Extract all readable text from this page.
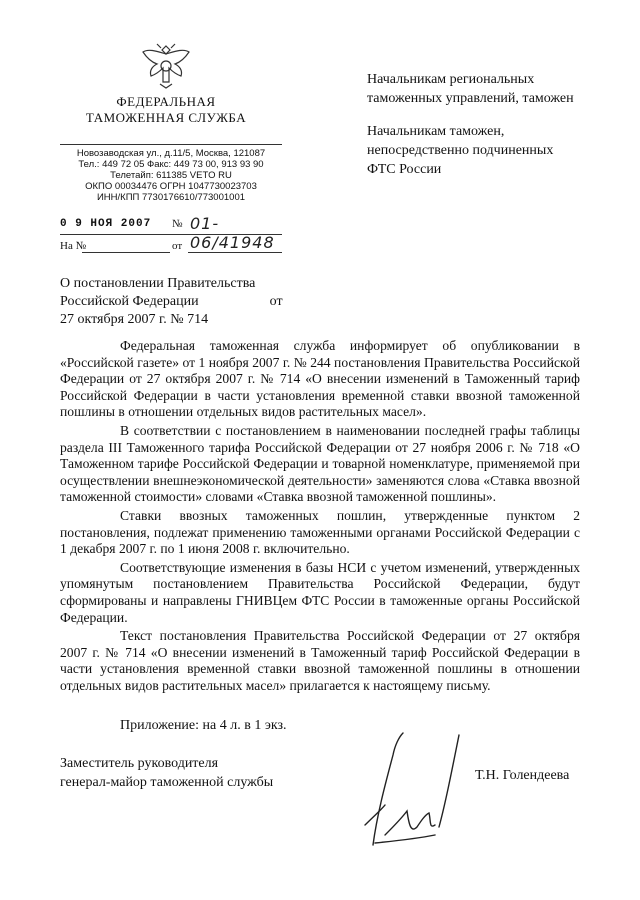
ФЕДЕРАЛЬНАЯ
ТАМОЖЕННАЯ СЛУЖБА
Новозаводская ул., д.11/5, Москва, 121087
Тел.: 449 72 05 Факс: 449 73 00, 913 93 90
Телетайп: 611385 VETO RU
ОКПО 00034476 ОГРН 1047730023703
ИНН/КПП 7730176610/773001001
0 9 НОЯ 2007 № 01-06/41948
На №	от
Начальникам региональных
таможенных управлений, таможен
Начальникам таможен,
непосредственно подчиненных
ФТС России
О постановлении Правительства
Российской Федерации	от
27 октября 2007 г. № 714

Федеральная таможенная служба информирует об опубликовании в «Российской газете» от 1 ноября 2007 г. № 244 постановления Правительства Российской Федерации от 27 октября 2007 г. № 714 «О внесении изменений в Таможенный тариф Российской Федерации в части установления временной ставки ввозной таможенной пошлины в отношении отдельных видов растительных масел».

В соответствии с постановлением в наименовании последней графы таблицы раздела III Таможенного тарифа Российской Федерации от 27 ноября 2006 г. № 718 «О Таможенном тарифе Российской Федерации и товарной номенклатуре, применяемой при осуществлении внешнеэкономической деятельности» заменяются слова «Ставка ввозной таможенной стоимости» словами «Ставка ввозной таможенной пошлины».

Ставки ввозных таможенных пошлин, утвержденные пунктом 2 постановления, подлежат применению таможенными органами Российской Федерации с 1 декабря 2007 г. по 1 июня 2008 г. включительно.

Соответствующие изменения в базы НСИ с учетом изменений, утвержденных упомянутым постановлением Правительства Российской Федерации, будут сформированы и направлены ГНИВЦем ФТС России в таможенные органы Российской Федерации.

Текст постановления Правительства Российской Федерации от 27 октября 2007 г. № 714 «О внесении изменений в Таможенный тариф Российской Федерации в части установления временной ставки ввозной таможенной пошлины в отношении отдельных видов растительных масел» прилагается к настоящему письму.

Приложение: на 4 л. в 1 экз.
Заместитель руководителя
генерал-майор таможенной службы	Т.Н. Голендеева
